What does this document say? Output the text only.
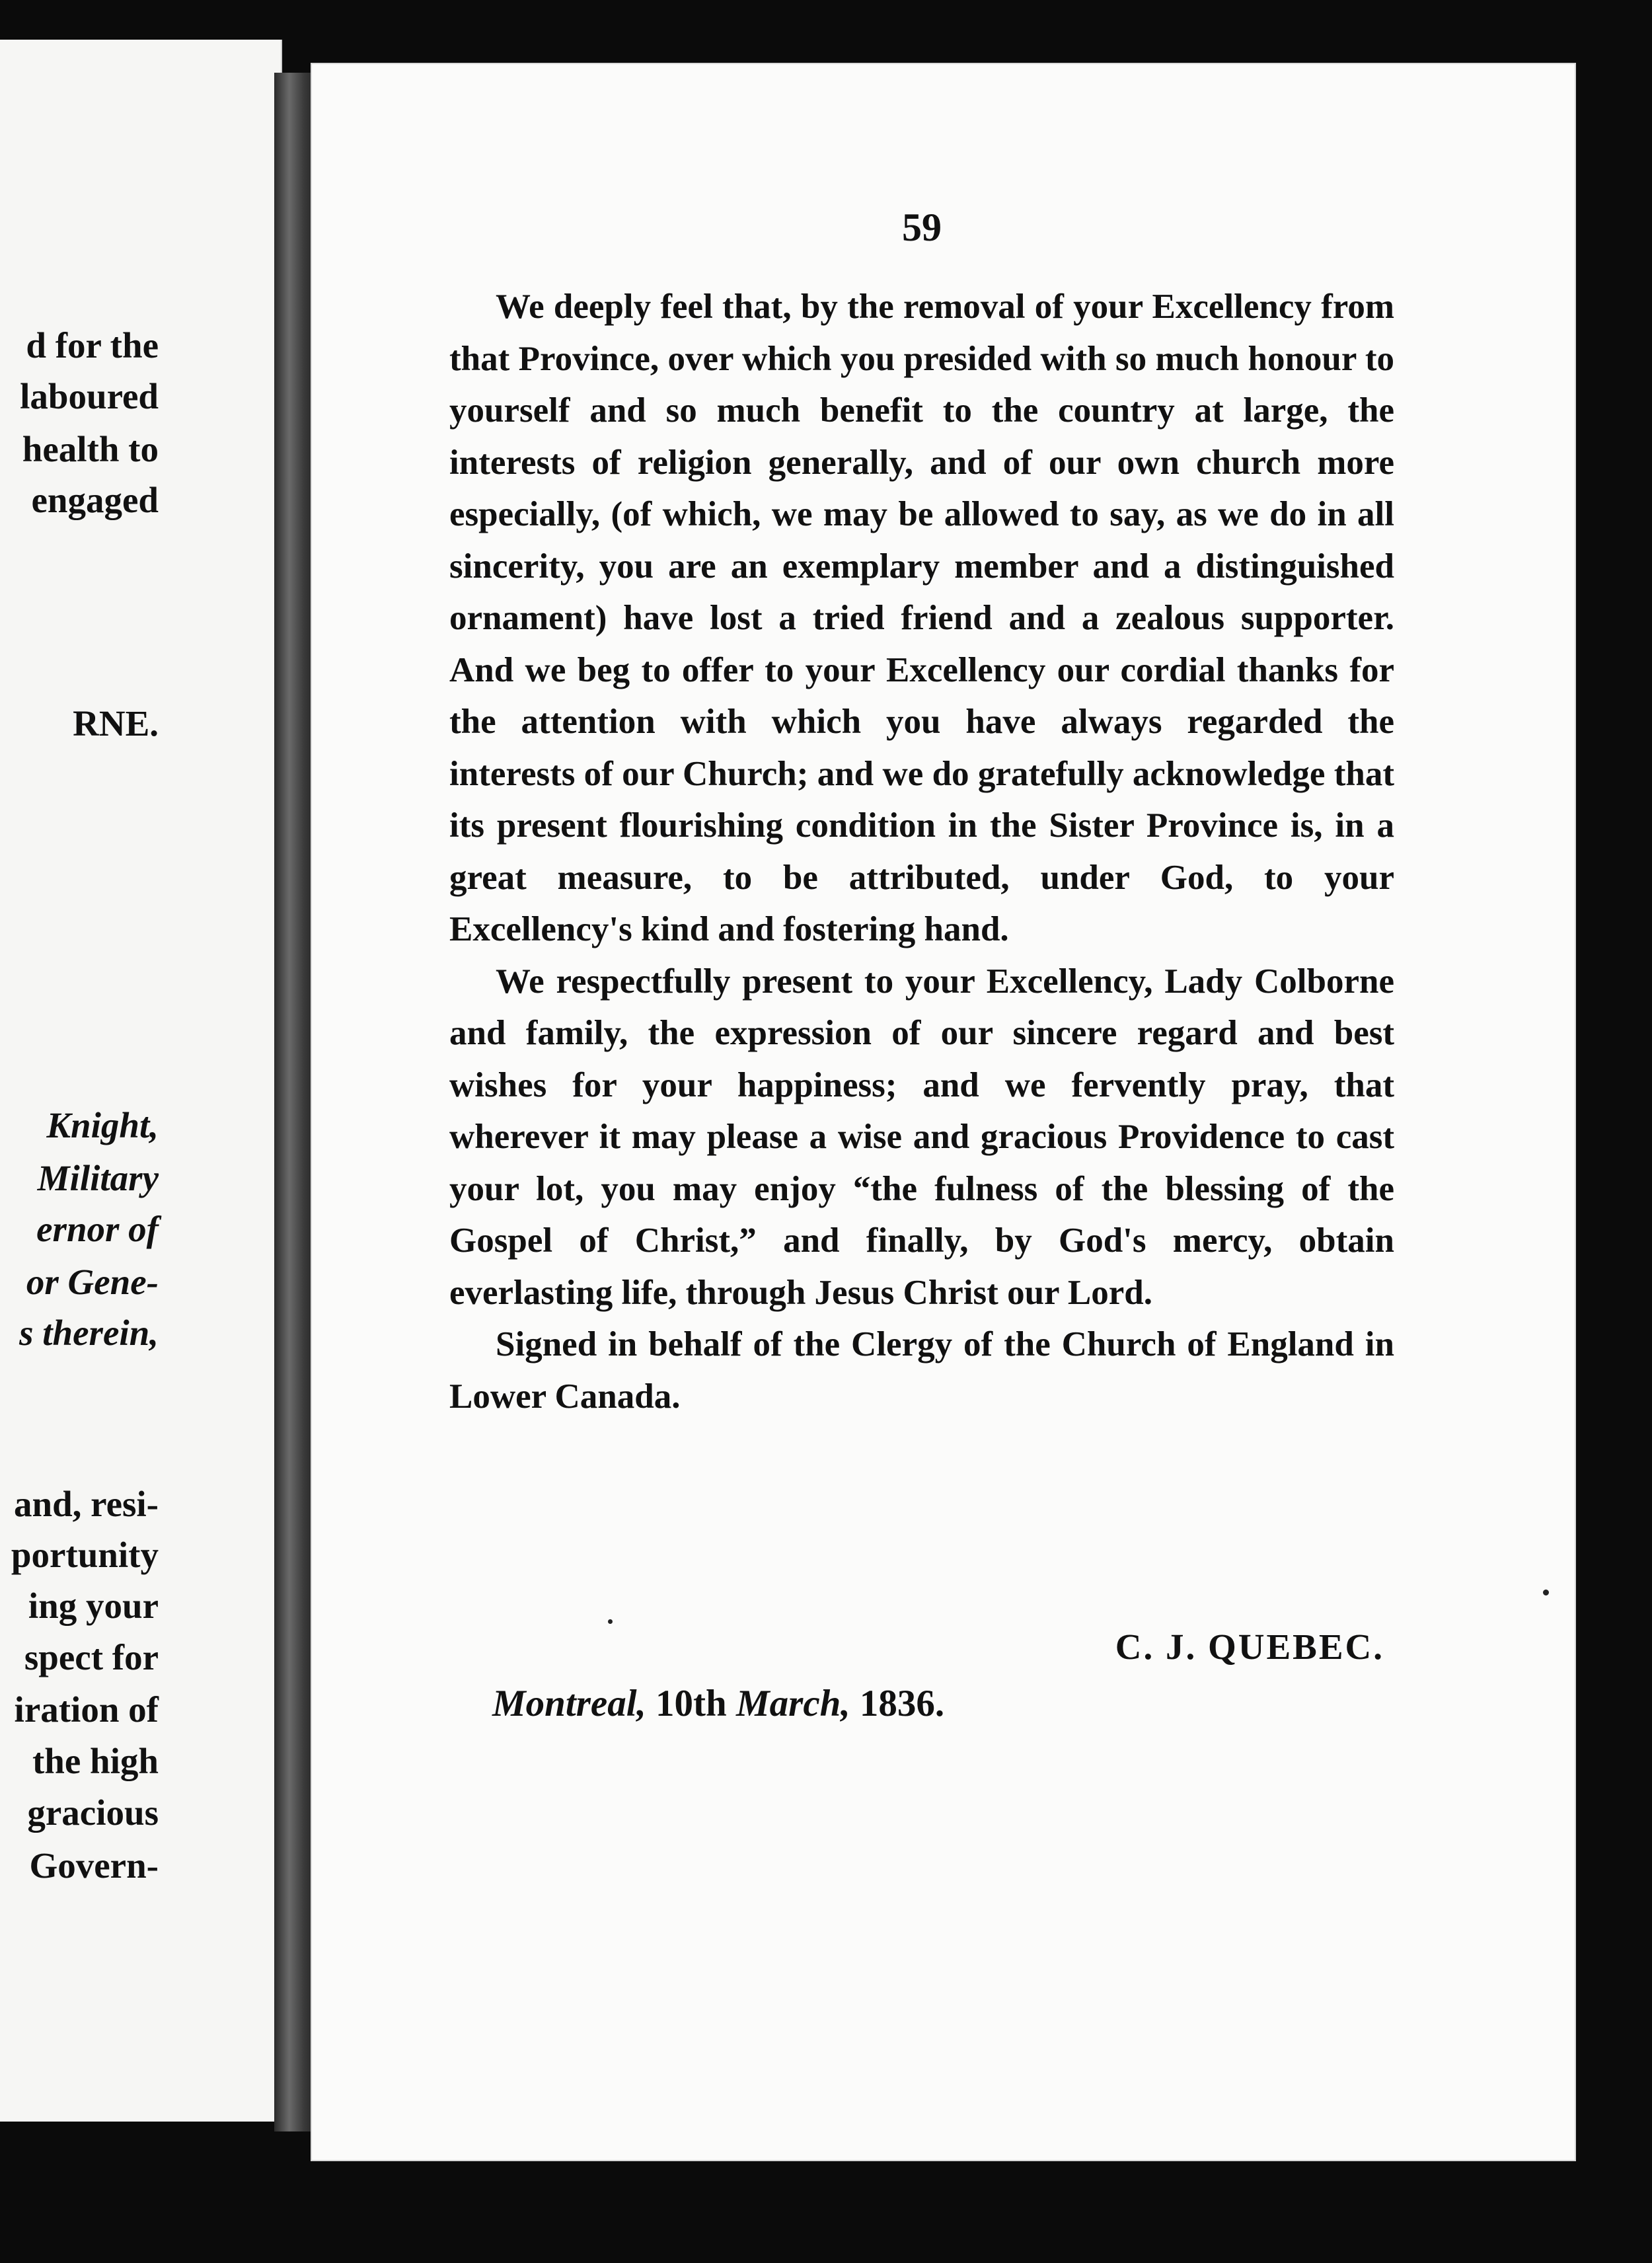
d for the
laboured
health to
engaged
RNE.
Knight,
Military
ernor of
or Gene-
s therein,
and, resi-
portunity
ing your
spect for
iration of
the high
gracious
Govern-
59

We deeply feel that, by the removal of your Excellency from that Province, over which you presided with so much honour to yourself and so much benefit to the country at large, the interests of religion generally, and of our own church more especially, (of which, we may be allowed to say, as we do in all sincerity, you are an exemplary member and a distinguished ornament) have lost a tried friend and a zealous supporter. And we beg to offer to your Excellency our cordial thanks for the attention with which you have always regarded the interests of our Church; and we do gratefully acknowledge that its present flourishing condition in the Sister Province is, in a great measure, to be attributed, under God, to your Excellency's kind and fostering hand.

We respectfully present to your Excellency, Lady Colborne and family, the expression of our sincere regard and best wishes for your happiness; and we fervently pray, that wherever it may please a wise and gracious Providence to cast your lot, you may enjoy “the fulness of the blessing of the Gospel of Christ,” and finally, by God's mercy, obtain everlasting life, through Jesus Christ our Lord.

Signed in behalf of the Clergy of the Church of England in Lower Canada.

C. J. QUEBEC.
Montreal, 10th March, 1836.
